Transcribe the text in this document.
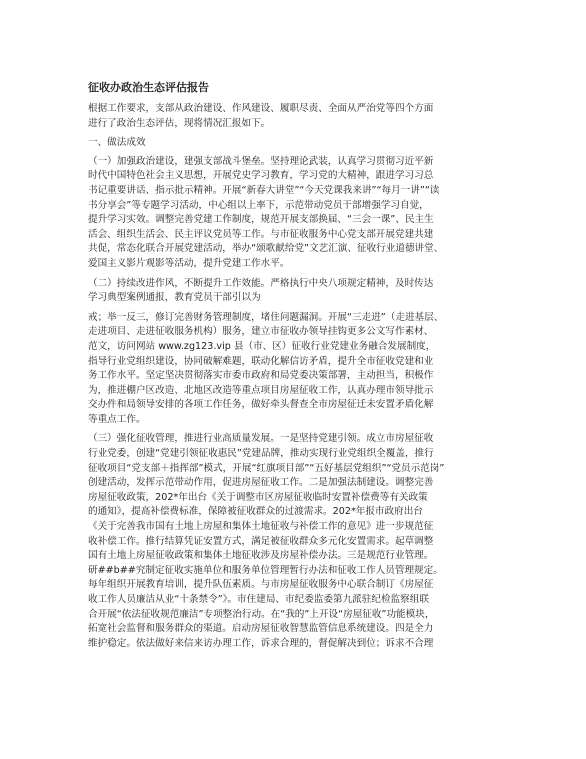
征收办政治生态评估报告
根据工作要求，支部从政治建设、作风建设、履职尽责、全面从严治党等四个方面
进行了政治生态评估，现将情况汇报如下。
一、做法成效
（一）加强政治建设，建强支部战斗堡垒。坚持理论武装，认真学习贯彻习近平新
时代中国特色社会主义思想，开展党史学习教育，学习党的大精神，跟进学习习总
书记重要讲话、指示批示精神。开展“新春大讲堂”“今天党课我来讲”“每月一讲”“读
书分享会”等专题学习活动，中心组以上率下，示范带动党员干部增强学习自觉，
提升学习实效。调整完善党建工作制度，规范开展支部换届、“三会一课”、民主生
活会、组织生活会、民主评议党员等工作。与市征收服务中心党支部开展党建共建
共促，常态化联合开展党建活动，举办“颂歌献给党”文艺汇演、征收行业道德讲堂、
爱国主义影片观影等活动，提升党建工作水平。
（二）持续改进作风，不断提升工作效能。严格执行中央八项规定精神，及时传达
学习典型案例通报，教育党员干部引以为
戒；举一反三，修订完善财务管理制度，堵住问题漏洞。开展“三走进”（走进基层、
走进项目、走进征收服务机构）服务，建立市征收办领导挂钩更多公文写作素材、
范文，访问网站 www.zg123.vip 县（市、区）征收行业党建业务融合发展制度，
指导行业党组织建设，协同破解难题，联动化解信访矛盾，提升全市征收党建和业
务工作水平。坚定坚决贯彻落实市委市政府和局党委决策部署，主动担当，积极作
为，推进棚户区改造、北地区改造等重点项目房屋征收工作，认真办理市领导批示
交办件和局领导安排的各项工作任务，做好牵头督查全市房屋征迁未安置矛盾化解
等重点工作。
（三）强化征收管理，推进行业高质量发展。一是坚持党建引领。成立市房屋征收
行业党委，创建“党建引领征收惠民”党建品牌，推动实现行业党组织全覆盖，推行
征收项目“党支部＋指挥部”模式，开展“红旗项目部”“五好基层党组织”“党员示范岗”
创建活动，发挥示范带动作用，促进房屋征收工作。二是加强法制建设。调整完善
房屋征收政策，202*年出台《关于调整市区房屋征收临时安置补偿费等有关政策
的通知》，提高补偿费标准，保障被征收群众的过渡需求。202*年报市政府出台
《关于完善我市国有土地上房屋和集体土地征收与补偿工作的意见》进一步规范征
收补偿工作。推行结算凭证安置方式，满足被征收群众多元化安置需求。起草调整
国有土地上房屋征收政策和集体土地征收涉及房屋补偿办法。三是规范行业管理。
研##b##究制定征收实施单位和服务单位管理暂行办法和征收工作人员管理规定。
每年组织开展教育培训，提升队伍素质。与市房屋征收服务中心联合制订《房屋征
收工作人员廉洁从业“十条禁令”》。市住建局、市纪委监委第九派驻纪检监察组联
合开展“依法征收规范廉洁”专项整治行动。在“我的”上开设“房屋征收”功能模块，
拓宽社会监督和服务群众的渠道。启动房屋征收智慧监管信息系统建设。四是全力
维护稳定。依法做好来信来访办理工作，诉求合理的，督促解决到位；诉求不合理
